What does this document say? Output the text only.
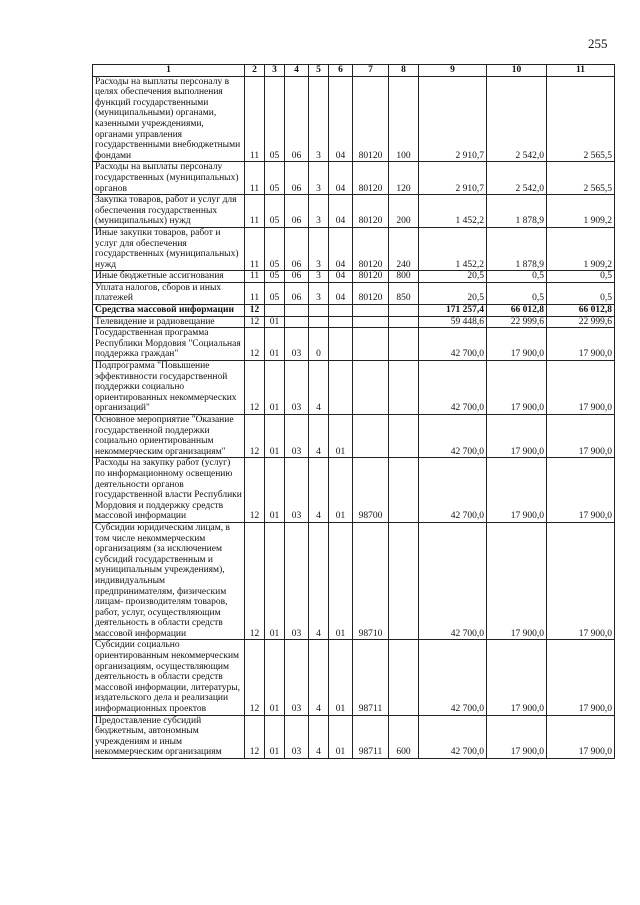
255
1	2	3	4	5	6	7	8	9	10	11
Расходы на выплаты персоналу в целях обеспечения выполнения функций государственными (муниципальными) органами, казенными учреждениями, органами управления государственными внебюджетными фондами	11	05	06	3	04	80120	100	2 910,7	2 542,0	2 565,5
Расходы на выплаты персоналу государственных (муниципальных) органов	11	05	06	3	04	80120	120	2 910,7	2 542,0	2 565,5
Закупка товаров, работ и услуг для обеспечения государственных (муниципальных) нужд	11	05	06	3	04	80120	200	1 452,2	1 878,9	1 909,2
Иные закупки товаров, работ и услуг для обеспечения государственных (муниципальных) нужд	11	05	06	3	04	80120	240	1 452,2	1 878,9	1 909,2
Иные бюджетные ассигнования	11	05	06	3	04	80120	800	20,5	0,5	0,5
Уплата налогов, сборов и иных платежей	11	05	06	3	04	80120	850	20,5	0,5	0,5
Средства массовой информации	12							171 257,4	66 012,8	66 012,8
Телевидение и радиовещание	12	01						59 448,6	22 999,6	22 999,6
Государственная программа Республики Мордовия "Социальная поддержка граждан"	12	01	03	0				42 700,0	17 900,0	17 900,0
Подпрограмма "Повышение эффективности государственной поддержки социально ориентированных некоммерческих организаций"	12	01	03	4				42 700,0	17 900,0	17 900,0
Основное мероприятие "Оказание государственной поддержки социально ориентированным некоммерческим организациям"	12	01	03	4	01			42 700,0	17 900,0	17 900,0
Расходы на закупку работ (услуг) по информационному освещению деятельности органов государственной власти Республики Мордовия и поддержку средств массовой информации	12	01	03	4	01	98700		42 700,0	17 900,0	17 900,0
Субсидии юридическим лицам, в том числе некоммерческим организациям (за исключением субсидий государственным и муниципальным учреждениям), индивидуальным предпринимателям, физическим лицам- производителям товаров, работ, услуг, осуществляющим деятельность в области средств массовой информации	12	01	03	4	01	98710		42 700,0	17 900,0	17 900,0
Субсидии социально ориентированным некоммерческим организациям, осуществляющим деятельность в области средств массовой информации, литературы, издательского дела и реализации информационных проектов	12	01	03	4	01	98711		42 700,0	17 900,0	17 900,0
Предоставление субсидий бюджетным, автономным учреждениям и иным некоммерческим организациям	12	01	03	4	01	98711	600	42 700,0	17 900,0	17 900,0
